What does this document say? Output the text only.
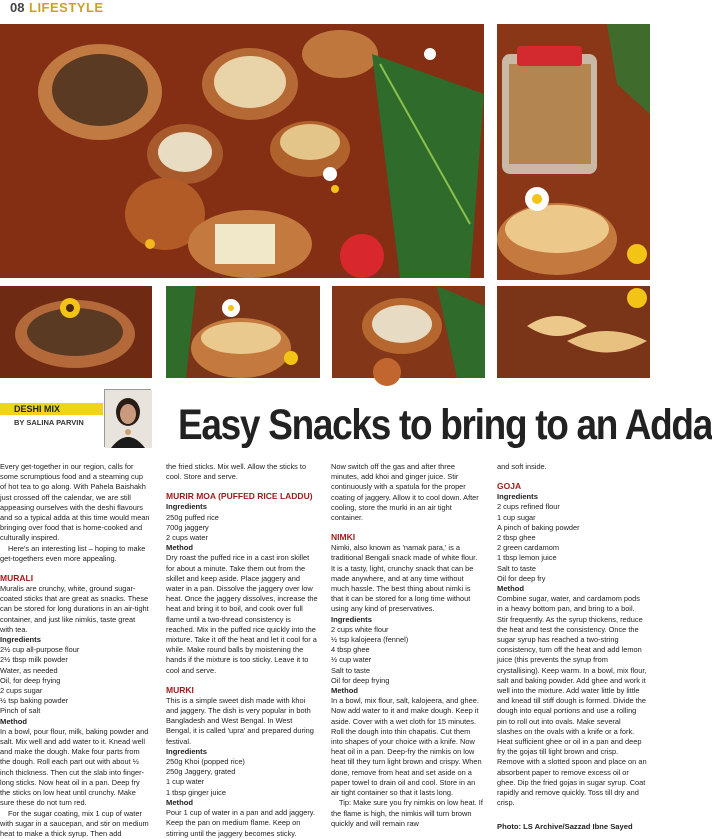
08 LIFESTYLE
DESHI MIX
BY SALINA PARVIN Easy Snacks to bring to an Adda

Every get-together in our region, calls for some scrumptious food and a steaming cup of hot tea to go along. With Pahela Baishakh just crossed off the calendar, we are still appeasing ourselves with the deshi flavours and so a typical adda at this time would mean bringing over food that is home-cooked and culturally inspired.

Here's an interesting list – hoping to make get-togethers even more appealing.

MURALI

Muralis are crunchy, white, ground sugar-coated sticks that are great as snacks. These can be stored for long durations in an air-tight container, and just like nimkis, taste great with tea.

Ingredients

2½ cup all-purpose flour

2½ tbsp milk powder

Water, as needed

Oil, for deep frying

2 cups sugar

½ tsp baking powder

Pinch of salt

Method

In a bowl, pour flour, milk, baking powder and salt. Mix well and add water to it. Knead well and make the dough. Make four parts from the dough. Roll each part out with about ½ inch thickness. Then cut the slab into finger-long sticks. Now heat oil in a pan. Deep fry the sticks on low heat until crunchy. Make sure these do not turn red.

For the sugar coating, mix 1 cup of water with sugar in a saucepan, and stir on medium heat to make a thick syrup. Then add

the fried sticks. Mix well. Allow the sticks to cool. Store and serve.

MURIR MOA (PUFFED RICE LADDU)

Ingredients

250g puffed rice

700g jaggery

2 cups water

Method

Dry roast the puffed rice in a cast iron skillet for about a minute. Take them out from the skillet and keep aside. Place jaggery and water in a pan. Dissolve the jaggery over low heat. Once the jaggery dissolves, increase the heat and bring it to boil, and cook over full flame until a two-thread consistency is reached. Mix in the puffed rice quickly into the mixture. Take it off the heat and let it cool for a while. Make round balls by moistening the hands if the mixture is too sticky. Leave it to cool and serve.

MURKI

This is a simple sweet dish made with khoi and jaggery. The dish is very popular in both Bangladesh and West Bengal. In West Bengal, it is called 'upra' and prepared during festival.

Ingredients

250g Khoi (popped rice)

250g Jaggery, grated

1 cup water

1 tbsp ginger juice

Method

Pour 1 cup of water in a pan and add jaggery. Keep the pan on medium flame. Keep on stirring until the jaggery becomes sticky.

Now switch off the gas and after three minutes, add khoi and ginger juice. Stir continuously with a spatula for the proper coating of jaggery. Allow it to cool down. After cooling, store the murki in an air tight container.

NIMKI

Nimki, also known as 'namak para,' is a traditional Bengali snack made of white flour. It is a tasty, light, crunchy snack that can be made anywhere, and at any time without much hassle. The best thing about nimki is that it can be stored for a long time without using any kind of preservatives.

Ingredients

2 cups white flour

½ tsp kalojeera (fennel)

4 tbsp ghee

½ cup water

Salt to taste

Oil for deep frying

Method

In a bowl, mix flour, salt, kalojeera, and ghee. Now add water to it and make dough. Keep it aside. Cover with a wet cloth for 15 minutes. Roll the dough into thin chapatis. Cut them into shapes of your choice with a knife. Now heat oil in a pan. Deep-fry the nimkis on low heat till they turn light brown and crispy. When done, remove from heat and set aside on a paper towel to drain oil and cool. Store in an air tight container so that it lasts long.

Tip: Make sure you fry nimkis on low heat. If the flame is high, the nimkis will turn brown quickly and will remain raw

and soft inside.

GOJA

Ingredients

2 cups refined flour

1 cup sugar

A pinch of baking powder

2 tbsp ghee

2 green cardamom

1 tbsp lemon juice

Salt to taste

Oil for deep fry

Method

Combine sugar, water, and cardamom pods in a heavy bottom pan, and bring to a boil. Stir frequently. As the syrup thickens, reduce the heat and test the consistency. Once the sugar syrup has reached a two-string consistency, turn off the heat and add lemon juice (this prevents the syrup from crystallising). Keep warm. In a bowl, mix flour, salt and baking powder. Add ghee and work it well into the mixture. Add water little by little and knead till stiff dough is formed. Divide the dough into equal portions and use a rolling pin to roll out into ovals. Make several slashes on the ovals with a knife or a fork. Heat sufficient ghee or oil in a pan and deep fry the gojas till light brown and crisp. Remove with a slotted spoon and place on an absorbent paper to remove excess oil or ghee. Dip the fried gojas in sugar syrup. Coat rapidly and remove quickly. Toss till dry and crisp.

Photo: LS Archive/Sazzad Ibne Sayed
